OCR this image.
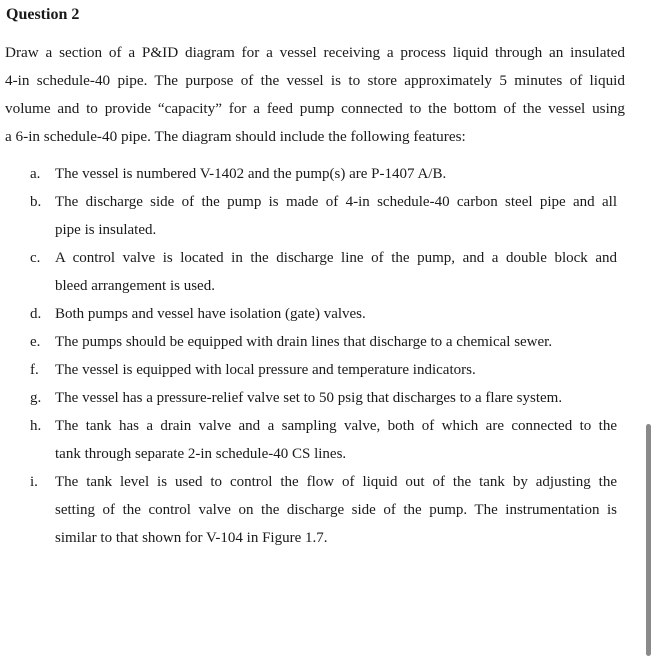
Question 2
Draw a section of a P&ID diagram for a vessel receiving a process liquid through an insulated
4-in schedule-40 pipe. The purpose of the vessel is to store approximately 5 minutes of liquid
volume and to provide “capacity” for a feed pump connected to the bottom of the vessel using
a 6-in schedule-40 pipe. The diagram should include the following features:
a. The vessel is numbered V-1402 and the pump(s) are P-1407 A/B.
b. The discharge side of the pump is made of 4-in schedule-40 carbon steel pipe and all
pipe is insulated.
c. A control valve is located in the discharge line of the pump, and a double block and
bleed arrangement is used.
d. Both pumps and vessel have isolation (gate) valves.
e. The pumps should be equipped with drain lines that discharge to a chemical sewer.
f.	The vessel is equipped with local pressure and temperature indicators.
g. The vessel has a pressure-relief valve set to 50 psig that discharges to a flare system.
h. The tank has a drain valve and a sampling valve, both of which are connected to the
tank through separate 2-in schedule-40 CS lines.
i.	The tank level is used to control the flow of liquid out of the tank by adjusting the
setting of the control valve on the discharge side of the pump. The instrumentation is
similar to that shown for V-104 in Figure 1.7.
